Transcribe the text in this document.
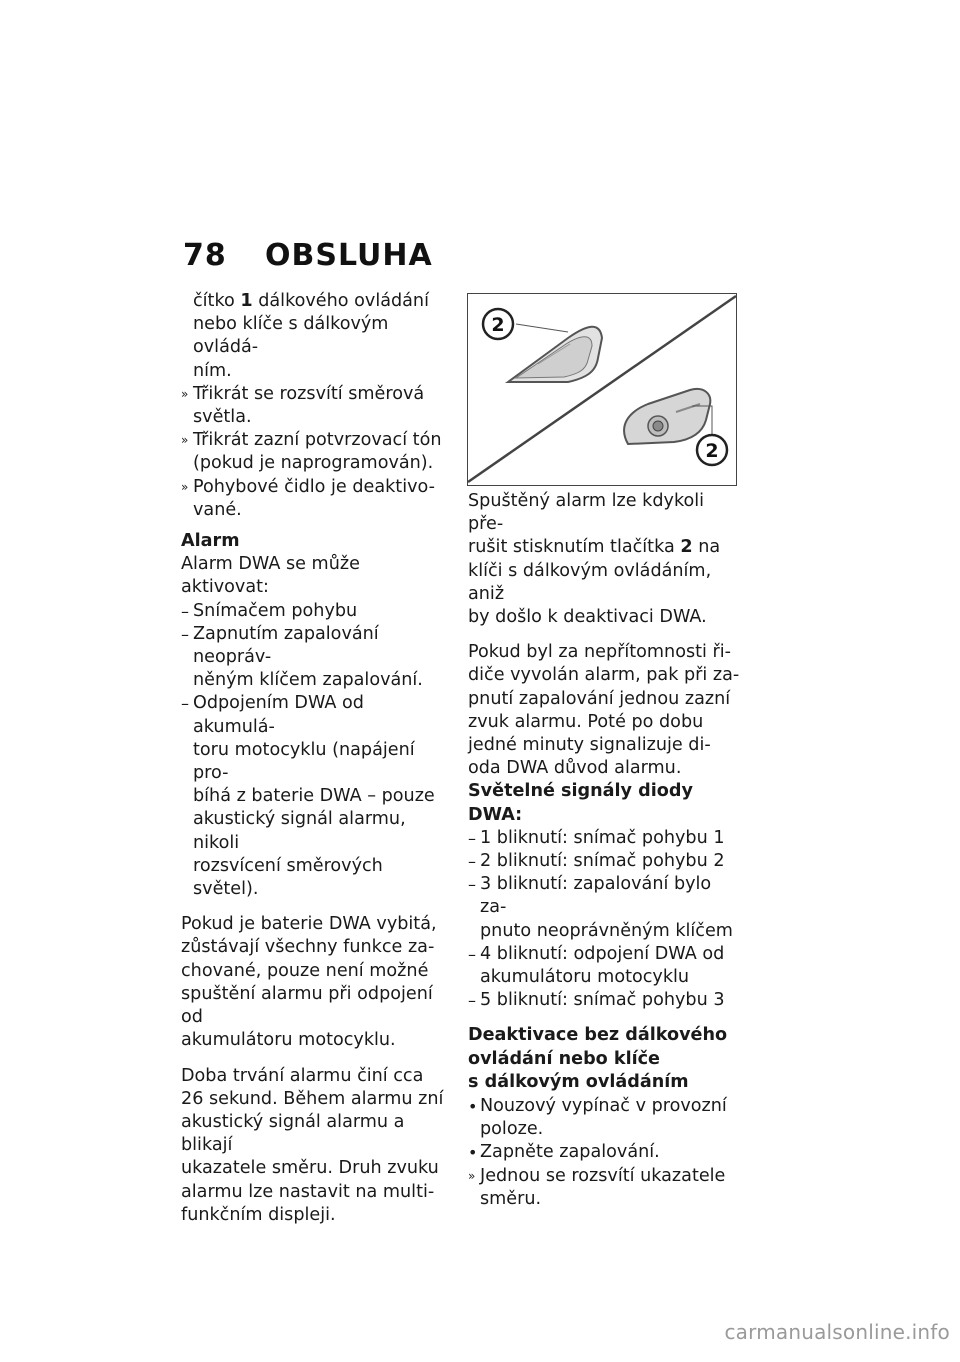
78 OBSLUHA

čítko 1 dálkového ovládání

nebo klíče s dálkovým ovládá-

ním.

» Třikrát se rozsvítí směrová

světla.

» Třikrát zazní potvrzovací tón

(pokud je naprogramován).

» Pohybové čidlo je deaktivo-

vané.

Alarm

Alarm DWA se může aktivovat:

– Snímačem pohybu
– Zapnutím zapalování neopráv-

něným klíčem zapalování.

– Odpojením DWA od akumulá-

toru motocyklu (napájení pro-

bíhá z baterie DWA – pouze

akustický signál alarmu, nikoli

rozsvícení směrových světel).

Pokud je baterie DWA vybitá,

zůstávají všechny funkce za-

chované, pouze není možné

spuštění alarmu při odpojení od

akumulátoru motocyklu.

Doba trvání alarmu činí cca

26 sekund. Během alarmu zní

akustický signál alarmu a blikají

ukazatele směru. Druh zvuku

alarmu lze nastavit na multi-

funkčním displeji.

2
2

Spuštěný alarm lze kdykoli pře-

rušit stisknutím tlačítka 2 na

klíči s dálkovým ovládáním, aniž

by došlo k deaktivaci DWA.

Pokud byl za nepřítomnosti ři-

diče vyvolán alarm, pak při za-

pnutí zapalování jednou zazní

zvuk alarmu. Poté po dobu

jedné minuty signalizuje di-

oda DWA důvod alarmu.

Světelné signály diody DWA:

– 1 bliknutí: snímač pohybu 1
– 2 bliknutí: snímač pohybu 2
– 3 bliknutí: zapalování bylo za-

pnuto neoprávněným klíčem

– 4 bliknutí: odpojení DWA od

akumulátoru motocyklu

– 5 bliknutí: snímač pohybu 3

Deaktivace bez dálkového

ovládání nebo klíče

s dálkovým ovládáním

• Nouzový vypínač v provozní

poloze.

• Zapněte zapalování.
» Jednou se rozsvítí ukazatele

směru.

carmanualsonline.info
